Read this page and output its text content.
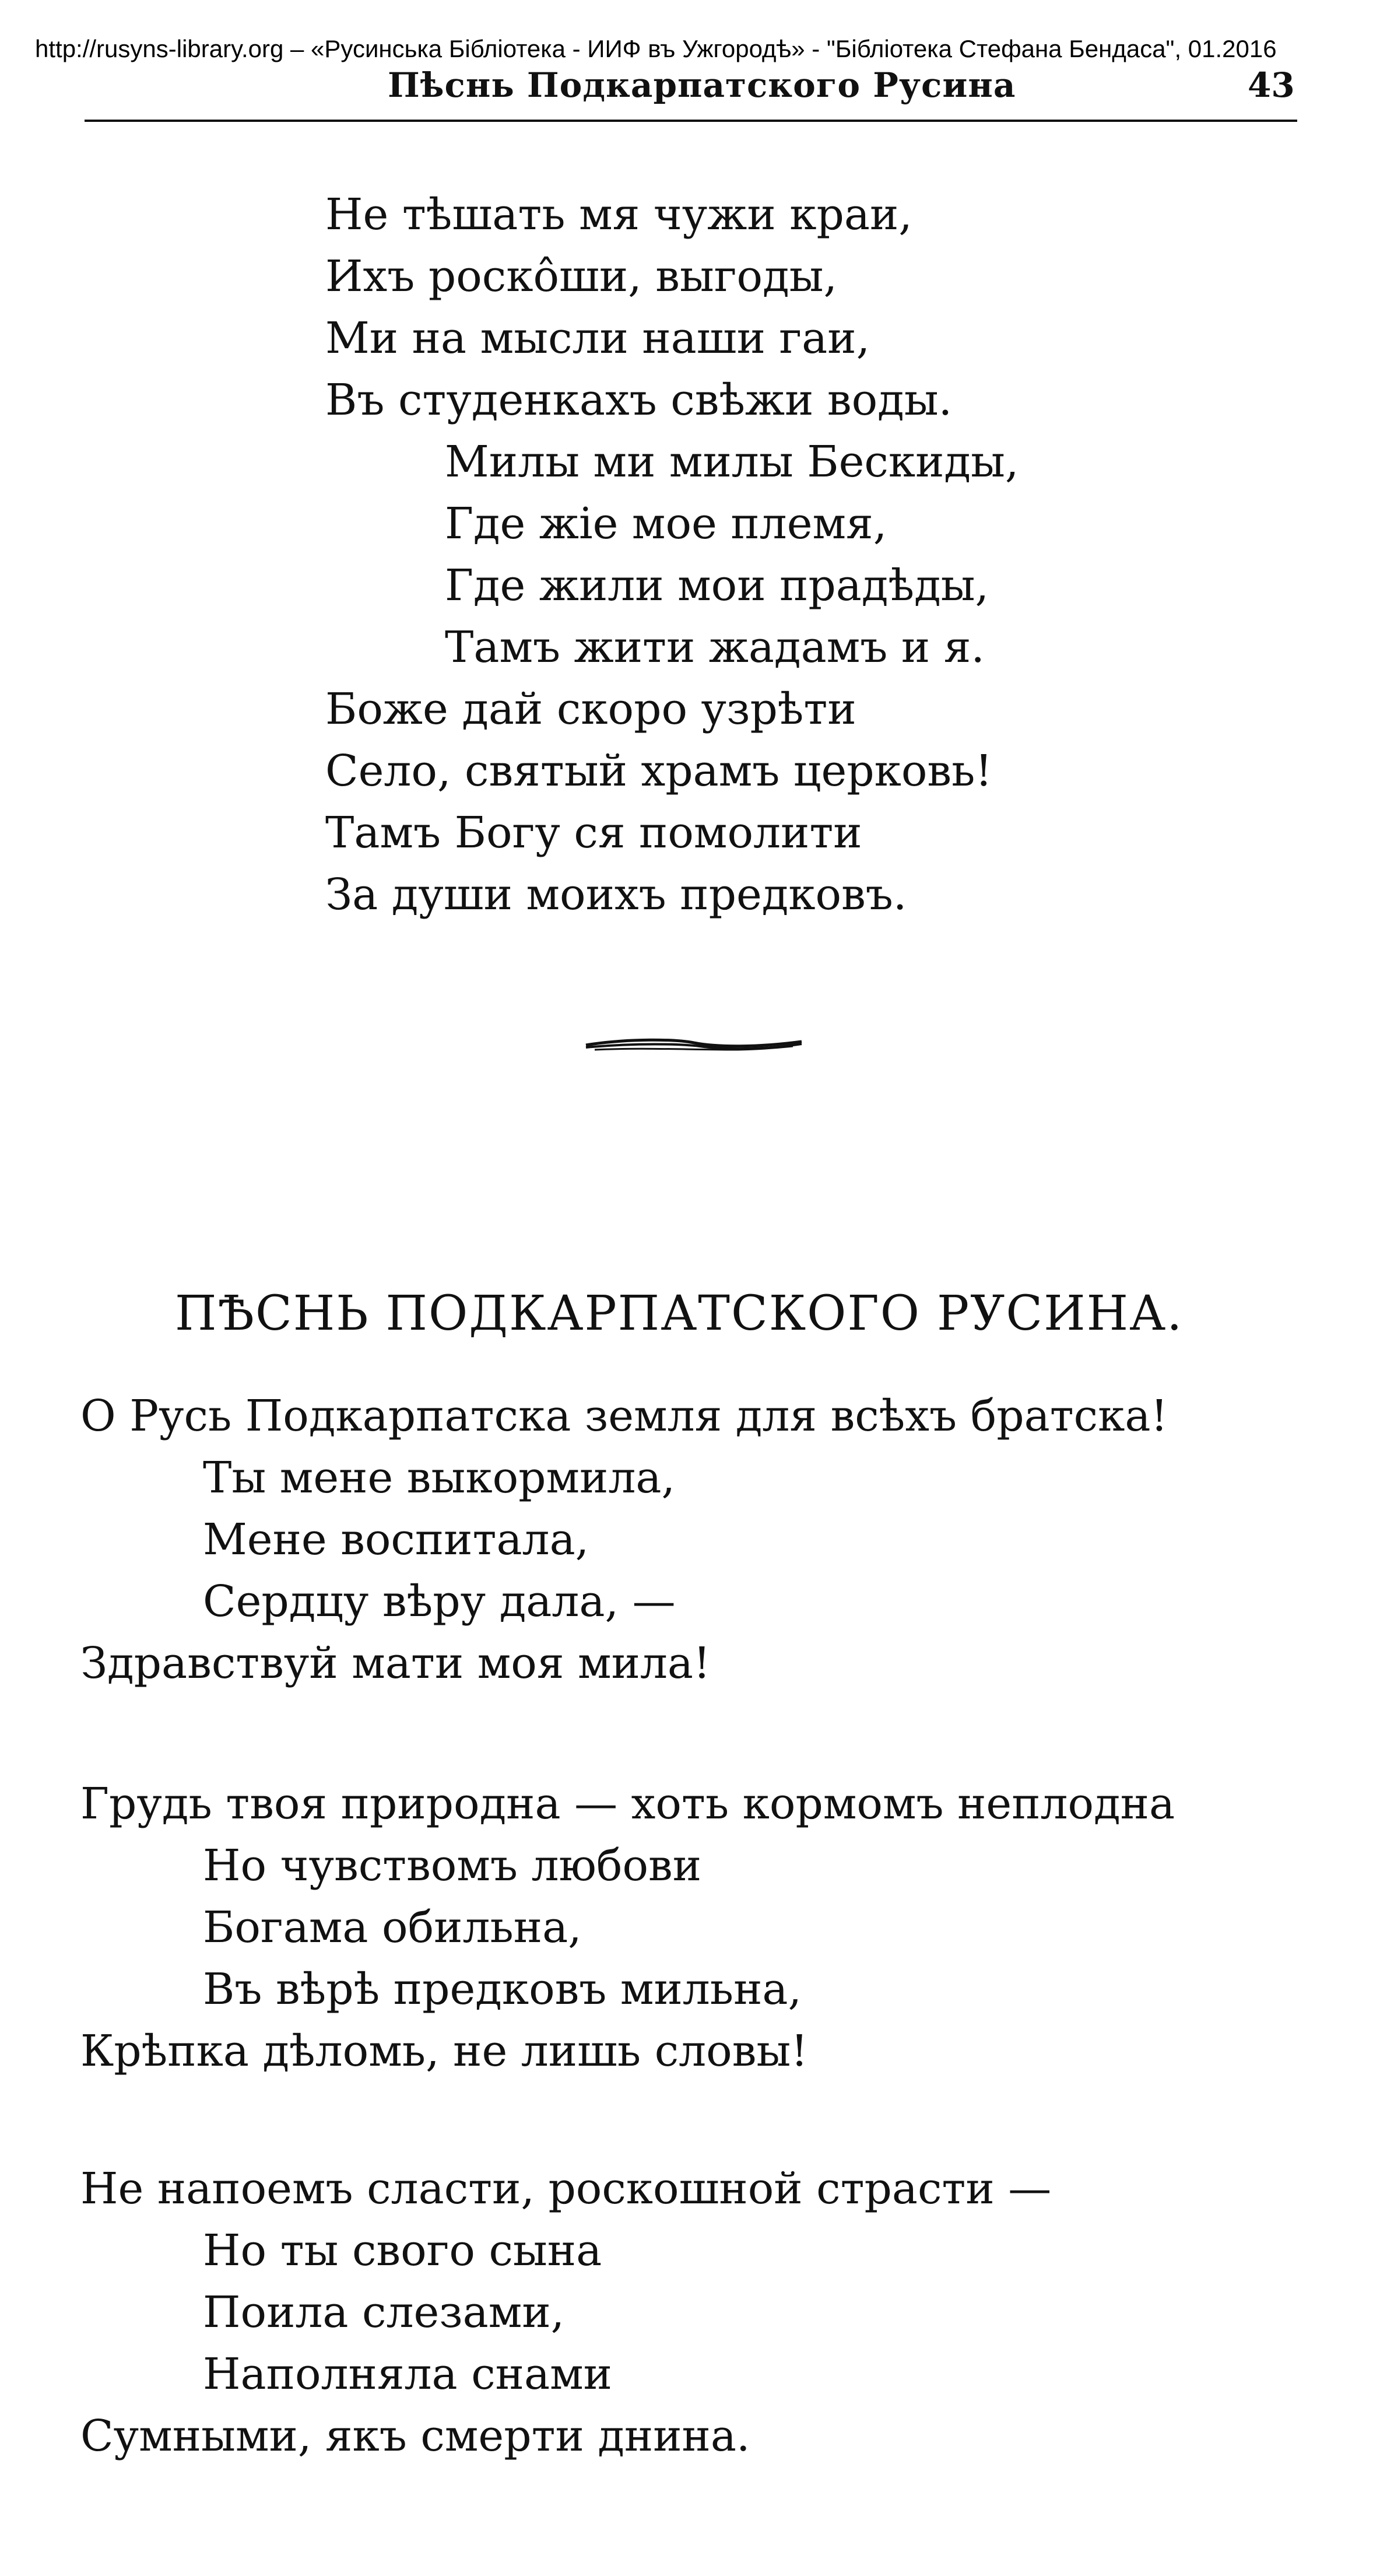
http://rusyns-library.org – «Русинська Бібліотека - ИИФ въ Ужгородѣ» - "Бібліотека Стефана Бендаса", 01.2016
Пѣснь Подкарпатского Русина	43
Не тѣшать мя чужи краи,
Ихъ роскôши, выгоды,
Ми на мысли наши гаи,
Въ студенкахъ свѣжи воды.
Милы ми милы Бескиды,
Где жіе мое племя,
Где жили мои прадѣды,
Тамъ жити жадамъ и я.
Боже дай скоро узрѣти
Село, святый храмъ церковь!
Тамъ Богу ся помолити
За души моихъ предковъ.
ПѢСНЬ ПОДКАРПАТСКОГО РУСИНА.
О Русь Подкарпатска земля для всѣхъ братска!
Ты мене выкормила,
Мене воспитала,
Сердцу вѣру дала, —
Здравствуй мати моя мила!
Грудь твоя природна — хоть кормомъ неплодна
Но чувствомъ любови
Богама обильна,
Въ вѣрѣ предковъ мильна,
Крѣпка дѣломь, не лишь словы!
Не напоемъ сласти, роскошной страсти —
Но ты свого сына
Поила слезами,
Наполняла снами
Сумными, якъ смерти днина.
